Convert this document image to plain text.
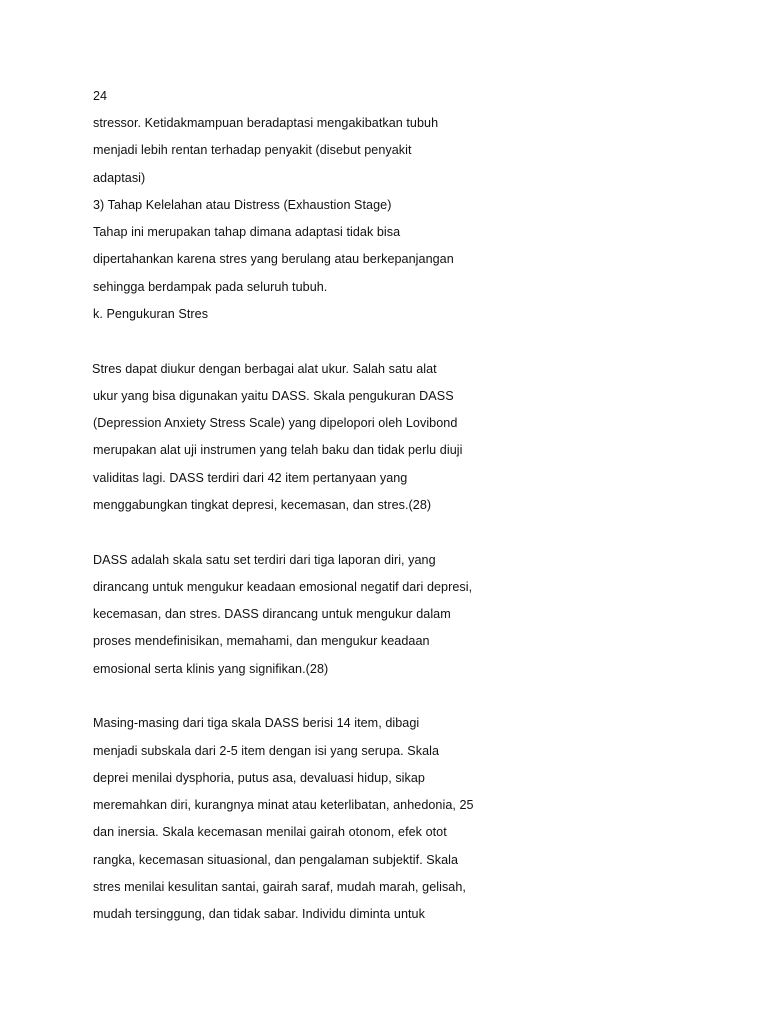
24
stressor. Ketidakmampuan beradaptasi mengakibatkan tubuh
menjadi lebih rentan terhadap penyakit (disebut penyakit
adaptasi)
3) Tahap Kelelahan atau Distress (Exhaustion Stage)
Tahap ini merupakan tahap dimana adaptasi tidak bisa
dipertahankan karena stres yang berulang atau berkepanjangan
sehingga berdampak pada seluruh tubuh.
k. Pengukuran Stres
Stres dapat diukur dengan berbagai alat ukur. Salah satu alat
ukur yang bisa digunakan yaitu DASS. Skala pengukuran DASS
(Depression Anxiety Stress Scale) yang dipelopori oleh Lovibond
merupakan alat uji instrumen yang telah baku dan tidak perlu diuji
validitas lagi. DASS terdiri dari 42 item pertanyaan yang
menggabungkan tingkat depresi, kecemasan, dan stres.(28)
DASS adalah skala satu set terdiri dari tiga laporan diri, yang
dirancang untuk mengukur keadaan emosional negatif dari depresi,
kecemasan, dan stres. DASS dirancang untuk mengukur dalam
proses mendefinisikan, memahami, dan mengukur keadaan
emosional serta klinis yang signifikan.(28)
Masing-masing dari tiga skala DASS berisi 14 item, dibagi
menjadi subskala dari 2-5 item dengan isi yang serupa. Skala
deprei menilai dysphoria, putus asa, devaluasi hidup, sikap
meremahkan diri, kurangnya minat atau keterlibatan, anhedonia, 25
dan inersia. Skala kecemasan menilai gairah otonom, efek otot
rangka, kecemasan situasional, dan pengalaman subjektif. Skala
stres menilai kesulitan santai, gairah saraf, mudah marah, gelisah,
mudah tersinggung, dan tidak sabar. Individu diminta untuk
